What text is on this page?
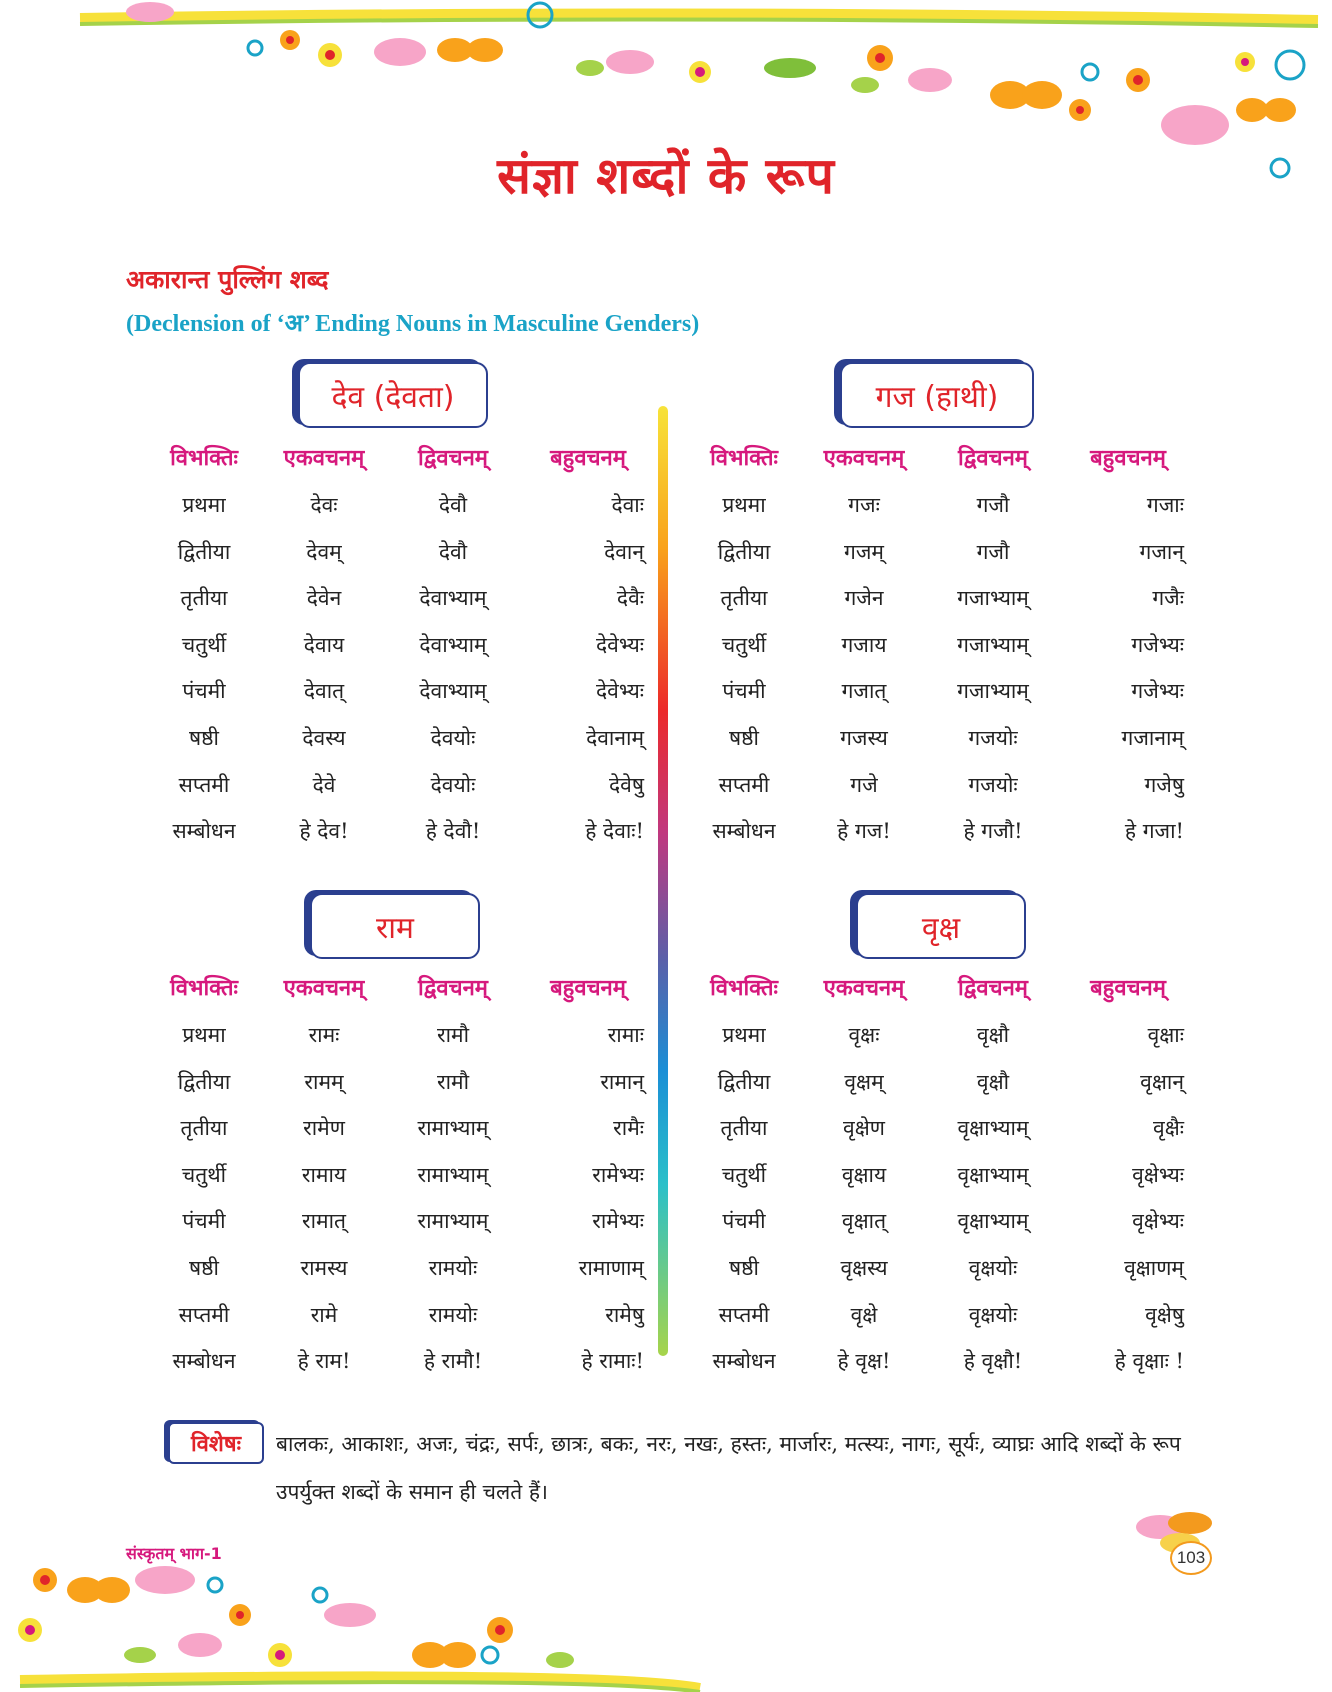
संज्ञा शब्दों के रूप
अकारान्त पुल्लिंग शब्द
(Declension of ‘अ’ Ending Nouns in Masculine Genders)
देव (देवता)	गज (हाथी)
राम	वृक्ष
विभक्तिः	एकवचनम्	द्विवचनम्	बहुवचनम्
प्रथमा	देवः	देवौ	देवाः
द्वितीया	देवम्	देवौ	देवान्
तृतीया	देवेन	देवाभ्याम्	देवैः
चतुर्थी	देवाय	देवाभ्याम्	देवेभ्यः
पंचमी	देवात्	देवाभ्याम्	देवेभ्यः
षष्ठी	देवस्य	देवयोः	देवानाम्
सप्तमी	देवे	देवयोः	देवेषु
सम्बोधन	हे देव!	हे देवौ!	हे देवाः!
विभक्तिः	एकवचनम्	द्विवचनम्	बहुवचनम्
प्रथमा	गजः	गजौ	गजाः
द्वितीया	गजम्	गजौ	गजान्
तृतीया	गजेन	गजाभ्याम्	गजैः
चतुर्थी	गजाय	गजाभ्याम्	गजेभ्यः
पंचमी	गजात्	गजाभ्याम्	गजेभ्यः
षष्ठी	गजस्य	गजयोः	गजानाम्
सप्तमी	गजे	गजयोः	गजेषु
सम्बोधन	हे गज!	हे गजौ!	हे गजा!
विभक्तिः	एकवचनम्	द्विवचनम्	बहुवचनम्
प्रथमा	रामः	रामौ	रामाः
द्वितीया	रामम्	रामौ	रामान्
तृतीया	रामेण	रामाभ्याम्	रामैः
चतुर्थी	रामाय	रामाभ्याम्	रामेभ्यः
पंचमी	रामात्	रामाभ्याम्	रामेभ्यः
षष्ठी	रामस्य	रामयोः	रामाणाम्
सप्तमी	रामे	रामयोः	रामेषु
सम्बोधन	हे राम!	हे रामौ!	हे रामाः!
विभक्तिः	एकवचनम्	द्विवचनम्	बहुवचनम्
प्रथमा	वृक्षः	वृक्षौ	वृक्षाः
द्वितीया	वृक्षम्	वृक्षौ	वृक्षान्
तृतीया	वृक्षेण	वृक्षाभ्याम्	वृक्षैः
चतुर्थी	वृक्षाय	वृक्षाभ्याम्	वृक्षेभ्यः
पंचमी	वृक्षात्	वृक्षाभ्याम्	वृक्षेभ्यः
षष्ठी	वृक्षस्य	वृक्षयोः	वृक्षाणम्
सप्तमी	वृक्षे	वृक्षयोः	वृक्षेषु
सम्बोधन	हे वृक्ष!	हे वृक्षौ!	हे वृक्षाः !
विशेषः	बालकः, आकाशः, अजः, चंद्रः, सर्पः, छात्रः, बकः, नरः, नखः, हस्तः, मार्जारः, मत्स्यः, नागः, सूर्यः, व्याघ्रः आदि शब्दों के रूप उपर्युक्त शब्दों के समान ही चलते हैं।
संस्कृतम् भाग-1	103
